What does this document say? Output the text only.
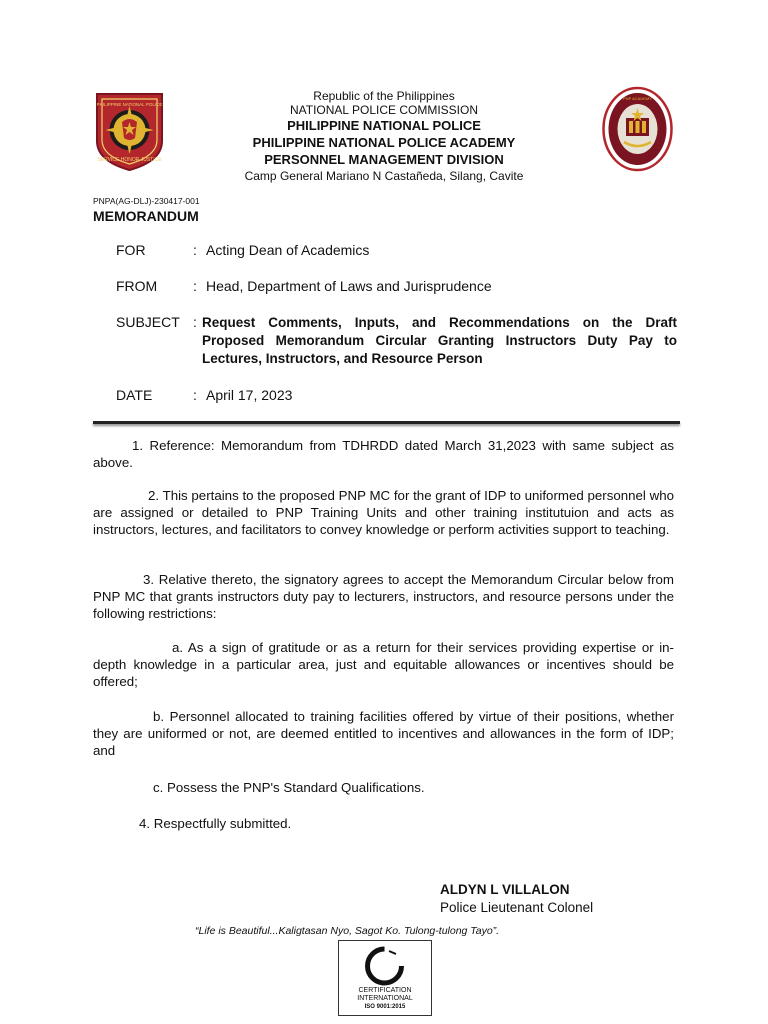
SERVICE HONOR JUSTICE
PHILIPPINE NATIONAL POLICE
PNP ACADEMY
Republic of the Philippines
NATIONAL POLICE COMMISSION
PHILIPPINE NATIONAL POLICE
PHILIPPINE NATIONAL POLICE ACADEMY
PERSONNEL MANAGEMENT DIVISION
Camp General Mariano N Castañeda, Silang, Cavite
PNPA(AG-DLJ)-230417-001
MEMORANDUM
FOR	: Acting Dean of Academics
FROM	: Head, Department of Laws and Jurisprudence
SUBJECT : Request Comments, Inputs, and Recommendations on the Draft Proposed Memorandum Circular Granting Instructors Duty Pay to Lectures, Instructors, and Resource Person
DATE	: April 17, 2023
1. Reference: Memorandum from TDHRDD dated March 31,2023 with same subject as above.
2. This pertains to the proposed PNP MC for the grant of IDP to uniformed personnel who are assigned or detailed to PNP Training Units and other training institutuion and acts as instructors, lectures, and facilitators to convey knowledge or perform activities support to teaching.
3. Relative thereto, the signatory agrees to accept the Memorandum Circular below from PNP MC that grants instructors duty pay to lecturers, instructors, and resource persons under the following restrictions:
a. As a sign of gratitude or as a return for their services providing expertise or in-depth knowledge in a particular area, just and equitable allowances or incentives should be offered;
b. Personnel allocated to training facilities offered by virtue of their positions, whether they are uniformed or not, are deemed entitled to incentives and allowances in the form of IDP; and
c. Possess the PNP's Standard Qualifications.
4. Respectfully submitted.
ALDYN L VILLALON
Police Lieutenant Colonel
“Life is Beautiful...Kaligtasan Nyo, Sagot Ko. Tulong-tulong Tayo”.
CERTIFICATION
INTERNATIONAL
ISO 9001:2015
